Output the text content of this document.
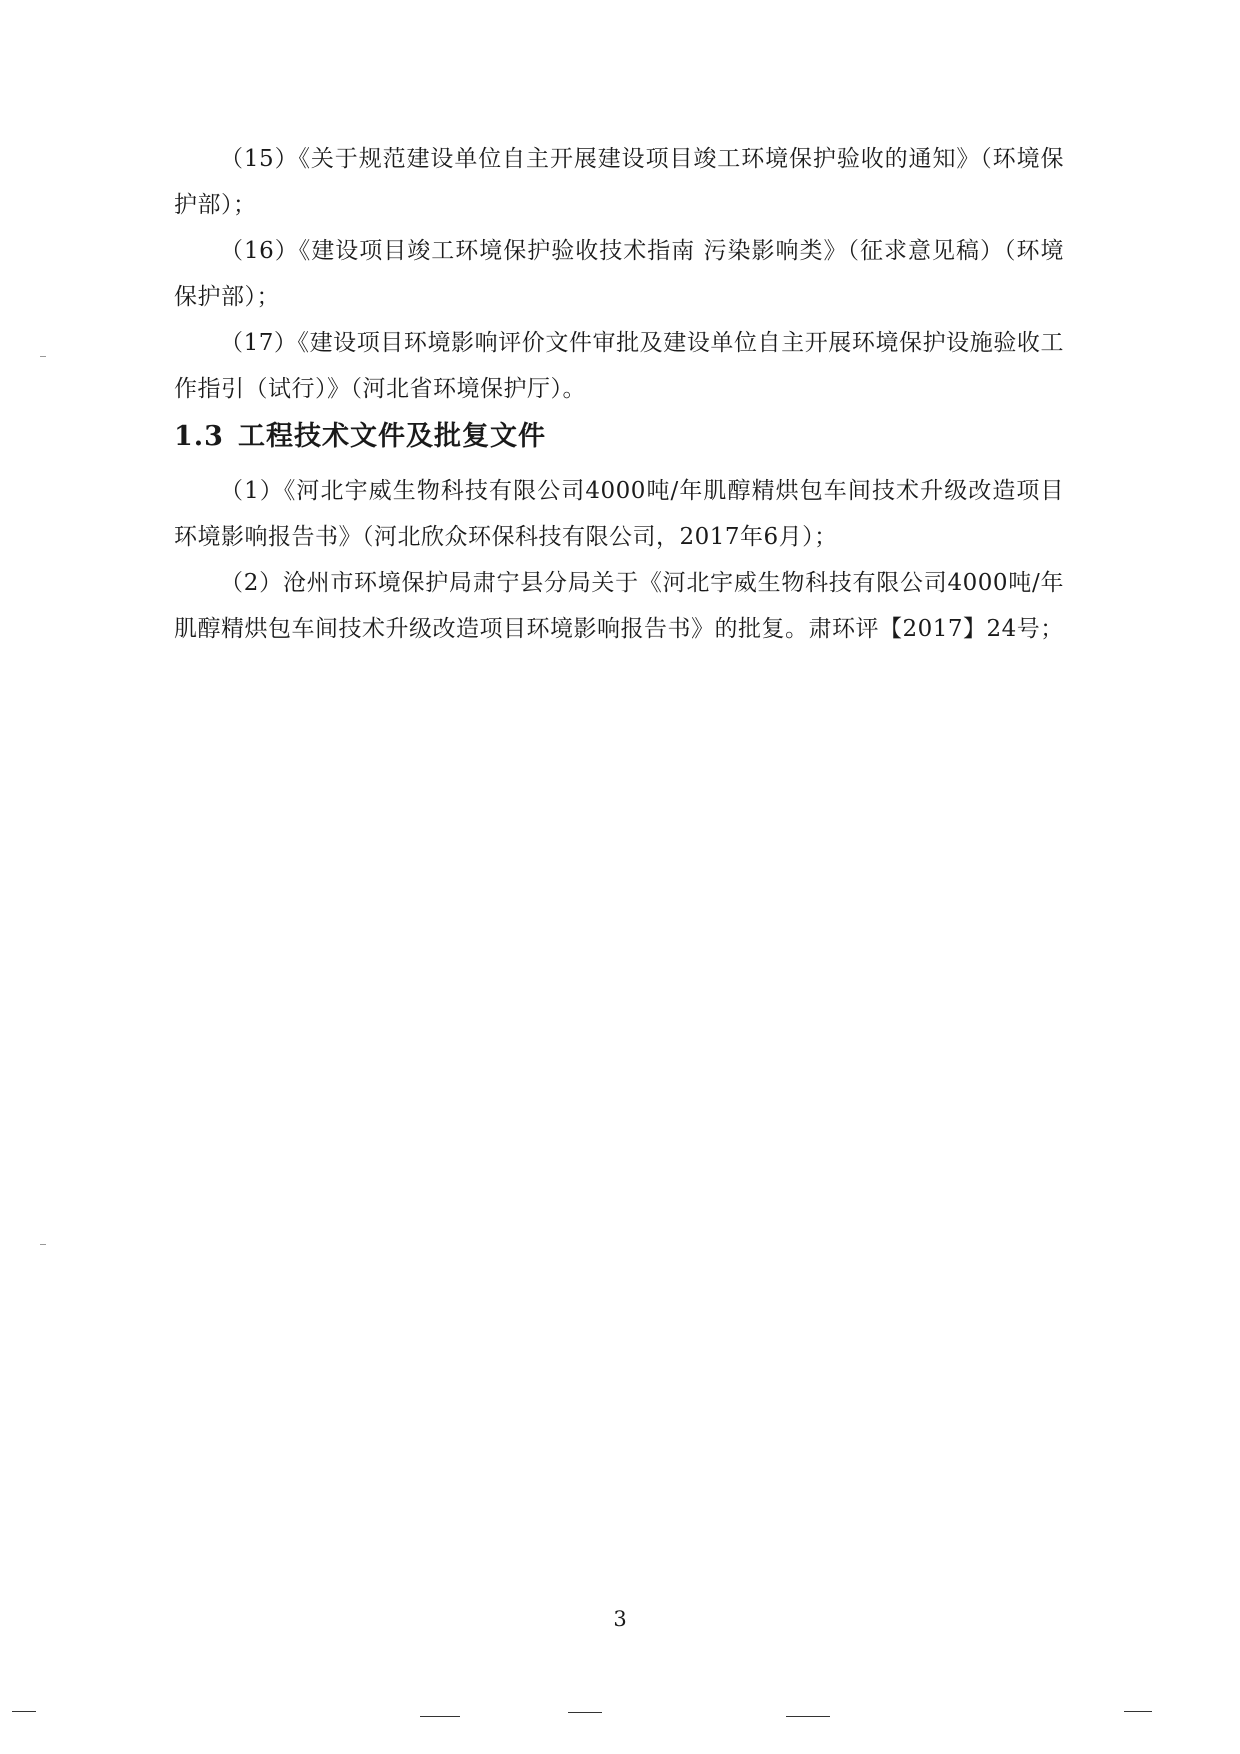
（15）《关于规范建设单位自主开展建设项目竣工环境保护验收的通知》（环境保护部）；

（16）《建设项目竣工环境保护验收技术指南 污染影响类》（征求意见稿）（环境保护部）；

（17）《建设项目环境影响评价文件审批及建设单位自主开展环境保护设施验收工作指引（试行）》（河北省环境保护厅）。

1.3 工程技术文件及批复文件

（1）《河北宇威生物科技有限公司4000吨/年肌醇精烘包车间技术升级改造项目环境影响报告书》（河北欣众环保科技有限公司，2017年6月）；

（2）沧州市环境保护局肃宁县分局关于《河北宇威生物科技有限公司4000吨/年肌醇精烘包车间技术升级改造项目环境影响报告书》的批复。肃环评【2017】24号；

3
